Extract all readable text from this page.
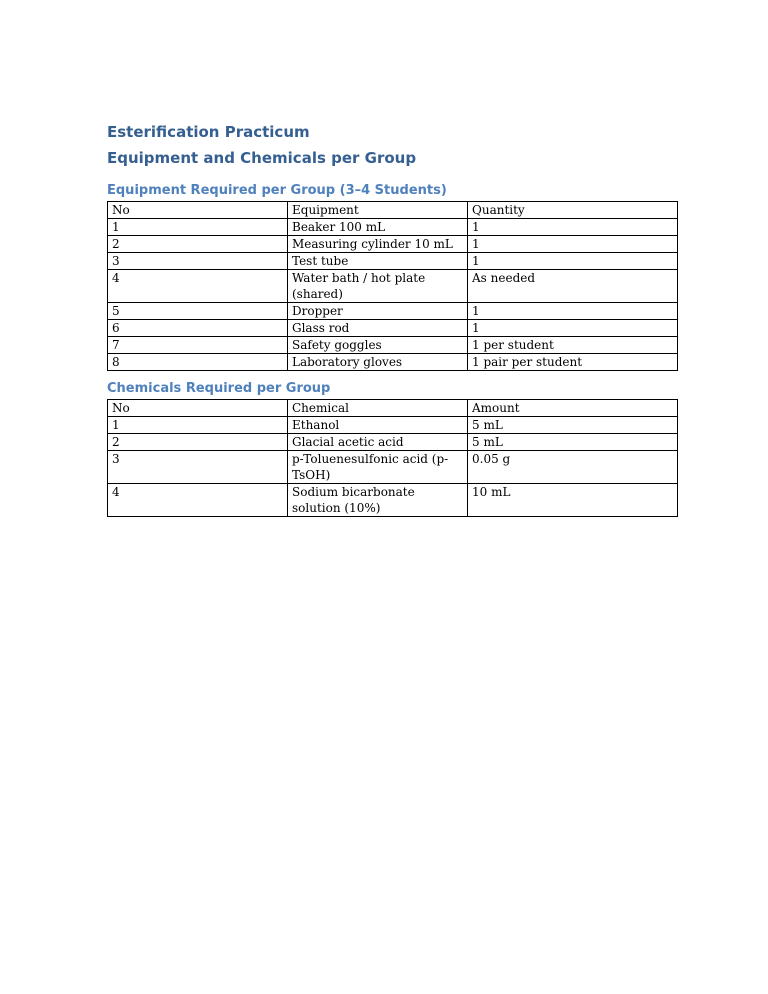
Esterification Practicum
Equipment and Chemicals per Group
Equipment Required per Group (3–4 Students)
No	Equipment	Quantity
1	Beaker 100 mL	1
2	Measuring cylinder 10 mL	1
3	Test tube	1
4	Water bath / hot plate (shared)	As needed
5	Dropper	1
6	Glass rod	1
7	Safety goggles	1 per student
8	Laboratory gloves	1 pair per student
Chemicals Required per Group
No	Chemical	Amount
1	Ethanol	5 mL
2	Glacial acetic acid	5 mL
3	p-Toluenesulfonic acid (p-TsOH)	0.05 g
4	Sodium bicarbonate solution (10%)	10 mL
